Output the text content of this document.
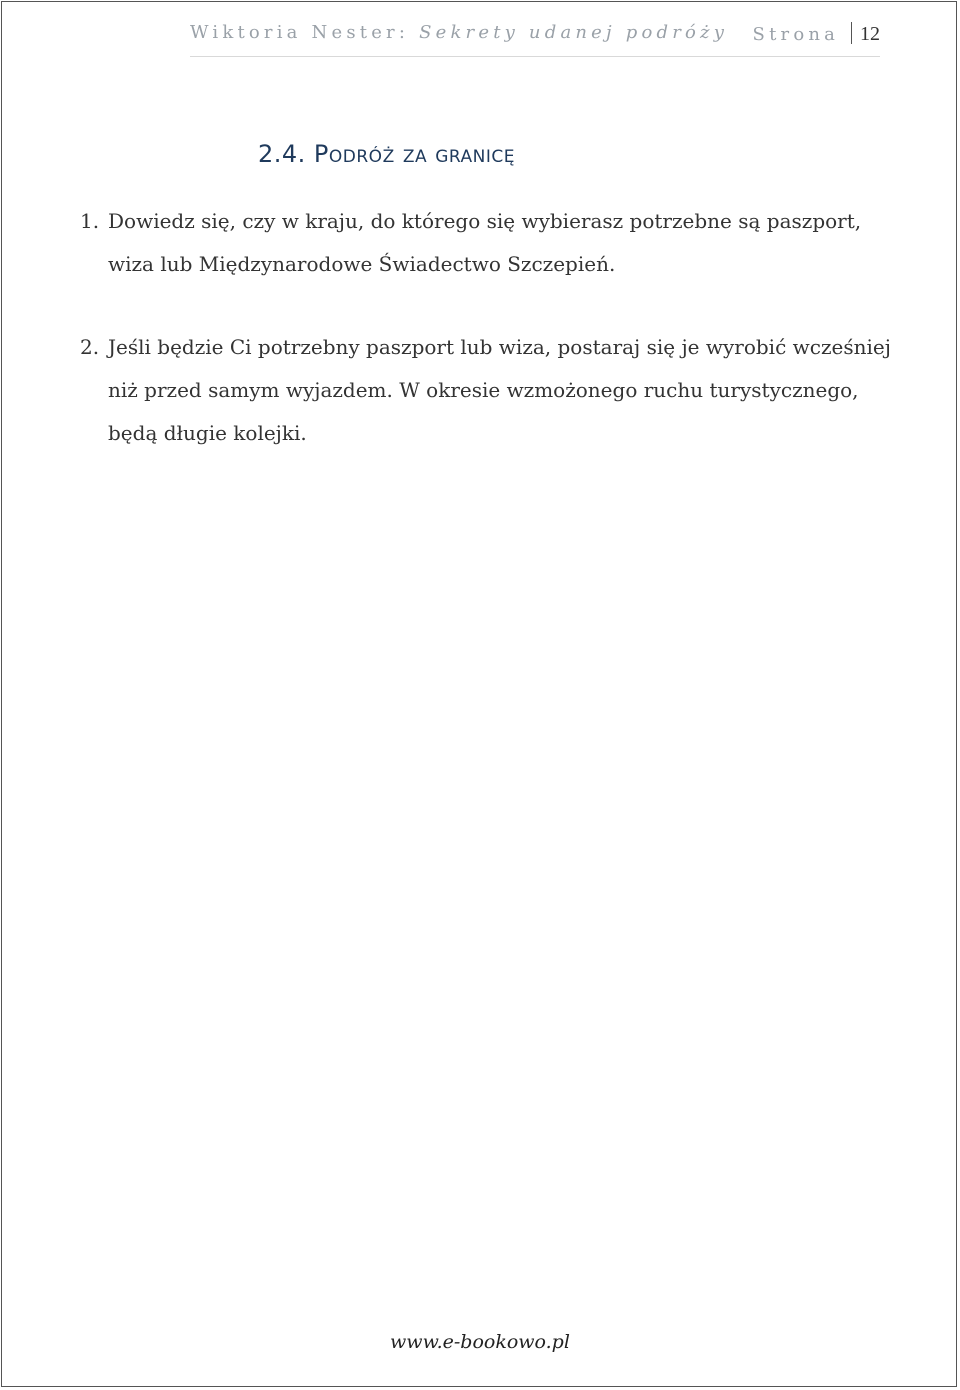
Wiktoria Nester: Sekrety udanej podróży Strona 12
2.4. Podróż za granicę
1. Dowiedz się, czy w kraju, do którego się wybierasz potrzebne są paszport, wiza lub Międzynarodowe Świadectwo Szczepień.
2. Jeśli będzie Ci potrzebny paszport lub wiza, postaraj się je wyrobić wcześniej niż przed samym wyjazdem. W okresie wzmożonego ruchu turystycznego, będą długie kolejki.
www.e-bookowo.pl
